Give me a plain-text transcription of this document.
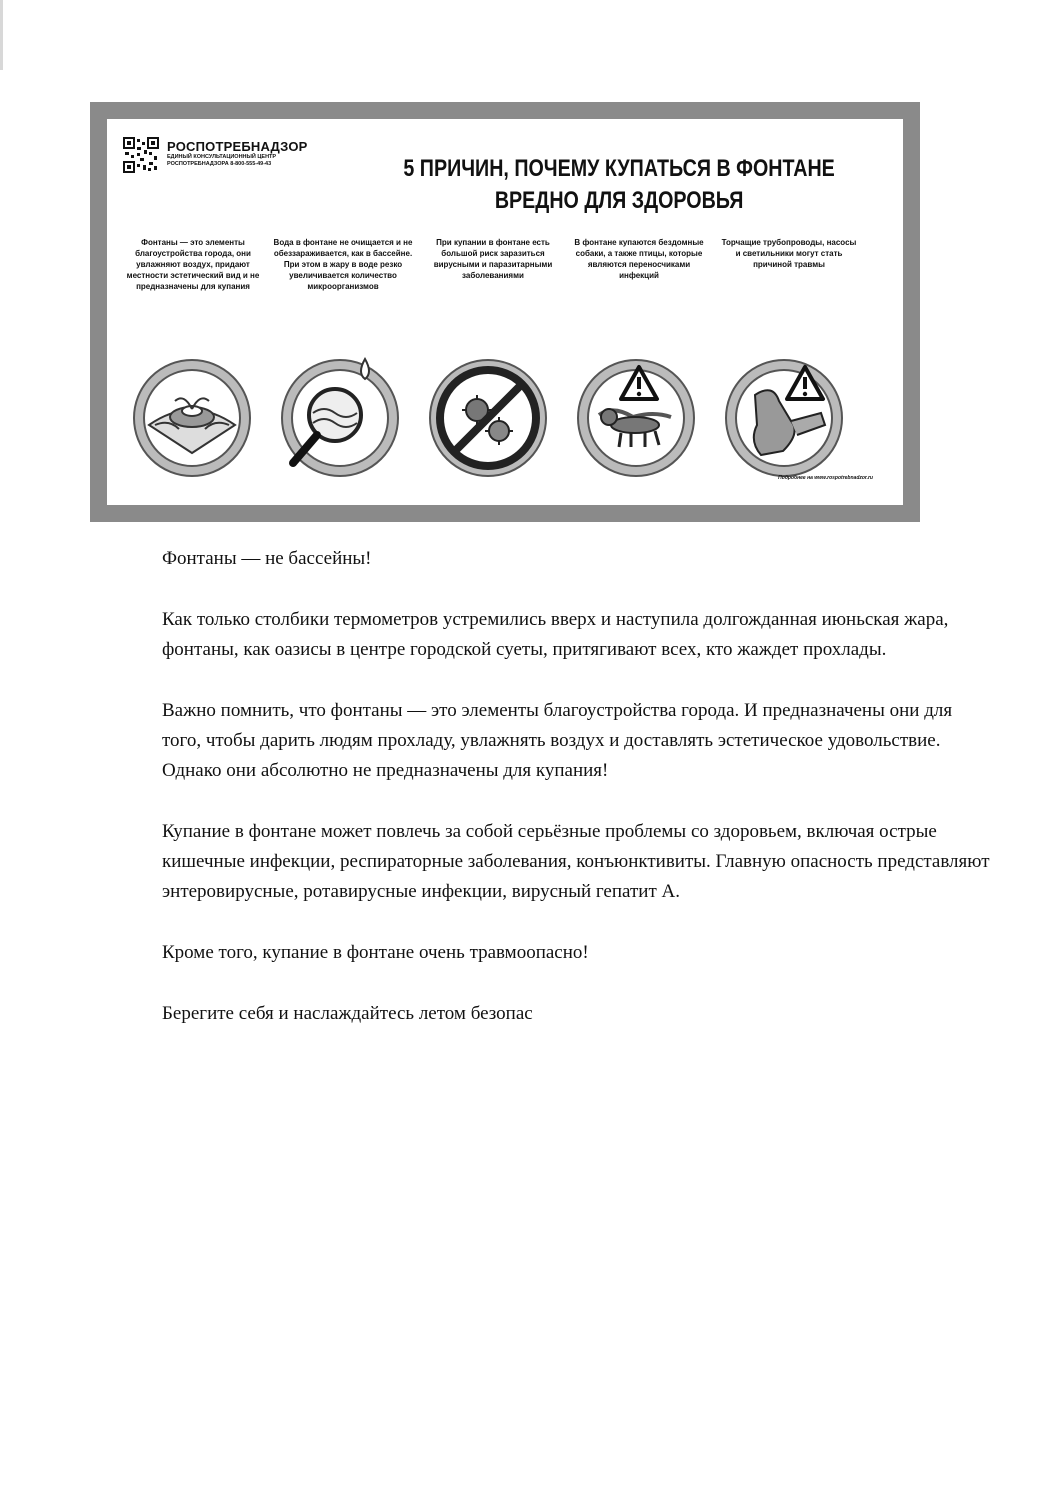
РОСПОТРЕБНАДЗОР
ЕДИНЫЙ КОНСУЛЬТАЦИОННЫЙ ЦЕНТР РОСПОТРЕБНАДЗОРА 8-800-555-49-43	5 ПРИЧИН, ПОЧЕМУ КУПАТЬСЯ В ФОНТАНЕ
ВРЕДНО ДЛЯ ЗДОРОВЬЯ
Фонтаны — это элементы благоустройства города, они увлажняют воздух, придают местности эстетический вид и не предназначены для купания
Вода в фонтане не очищается и не обеззараживается, как в бассейне. При этом в жару в воде резко увеличивается количество микроорганизмов
При купании в фонтане есть большой риск заразиться вирусными и паразитарными заболеваниями
В фонтане купаются бездомные собаки, а также птицы, которые являются переносчиками инфекций
Торчащие трубопроводы, насосы и светильники могут стать причиной травмы
Подробнее на www.rospotrebnadzor.ru

Фонтаны — не бассейны!

Как только столбики термометров устремились вверх и наступила долгожданная июньская жара, фонтаны, как оазисы в центре городской суеты, притягивают всех, кто жаждет прохлады.

Важно помнить, что фонтаны — это элементы благоустройства города. И предназначены они для того, чтобы дарить людям прохладу, увлажнять воздух и доставлять эстетическое удовольствие. Однако они абсолютно не предназначены для купания!

Купание в фонтане может повлечь за собой серьёзные проблемы со здоровьем, включая острые кишечные инфекции, респираторные заболевания, конъюнктивиты. Главную опасность представляют энтеровирусные, ротавирусные инфекции, вирусный гепатит А.

Кроме того, купание в фонтане очень травмоопасно!

Берегите себя и наслаждайтесь летом безопас
